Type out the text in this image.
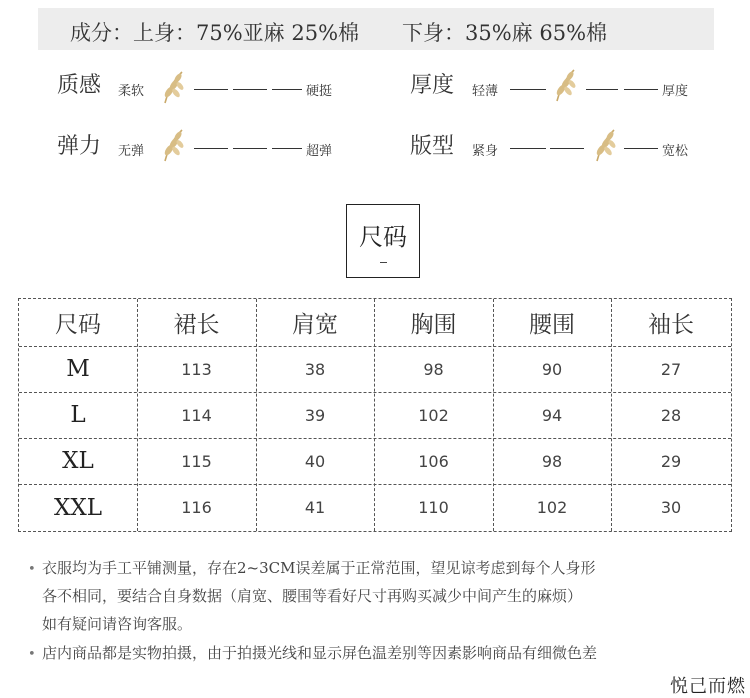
成分：上身：75%亚麻 25%棉 下身：35%麻 65%棉
质感 柔软	硬挺	厚度 轻薄	厚度
弹力 无弹	超弹	版型 紧身	宽松
尺码
尺码	裙长	肩宽	胸围	腰围	袖长
M	113	38	98	90	27
L	114	39	102	94	28
XL	115	40	106	98	29
XXL	116	41	110	102	30
• 衣服均为手工平铺测量，存在2~3CM误差属于正常范围，望见谅考虑到每个人身形
各不相同，要结合自身数据（肩宽、腰围等看好尺寸再购买减少中间产生的麻烦）
如有疑问请咨询客服。
• 店内商品都是实物拍摄，由于拍摄光线和显示屏色温差别等因素影响商品有细微色差
悦己而燃
